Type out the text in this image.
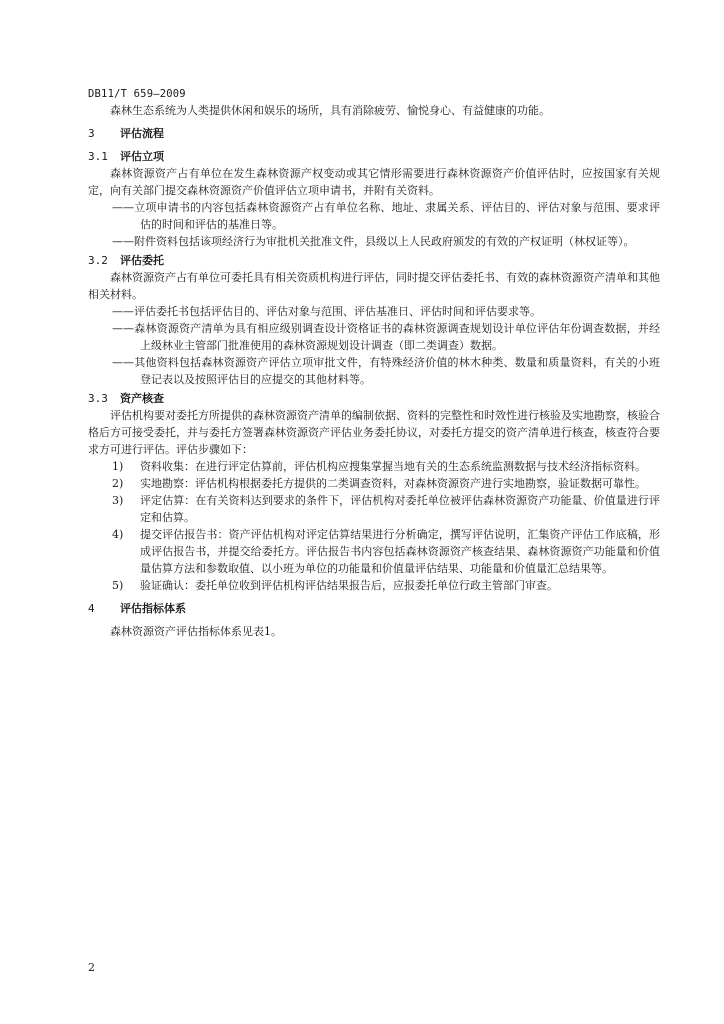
DB11/T 659—2009

森林生态系统为人类提供休闲和娱乐的场所，具有消除疲劳、愉悦身心、有益健康的功能。

3 评估流程

3.1 评估立项

森林资源资产占有单位在发生森林资源产权变动或其它情形需要进行森林资源资产价值评估时，应按国家有关规定，向有关部门提交森林资源资产价值评估立项申请书，并附有关资料。

——立项申请书的内容包括森林资源资产占有单位名称、地址、隶属关系、评估目的、评估对象与范围、要求评估的时间和评估的基准日等。

——附件资料包括该项经济行为审批机关批准文件，县级以上人民政府颁发的有效的产权证明（林权证等）。

3.2 评估委托

森林资源资产占有单位可委托具有相关资质机构进行评估，同时提交评估委托书、有效的森林资源资产清单和其他相关材料。

——评估委托书包括评估目的、评估对象与范围、评估基准日、评估时间和评估要求等。

——森林资源资产清单为具有相应级别调查设计资格证书的森林资源调查规划设计单位评估年份调查数据，并经上级林业主管部门批准使用的森林资源规划设计调查（即二类调查）数据。

——其他资料包括森林资源资产评估立项审批文件，有特殊经济价值的林木种类、数量和质量资料，有关的小班登记表以及按照评估目的应提交的其他材料等。

3.3 资产核查

评估机构要对委托方所提供的森林资源资产清单的编制依据、资料的完整性和时效性进行核验及实地勘察，核验合格后方可接受委托，并与委托方签署森林资源资产评估业务委托协议，对委托方提交的资产清单进行核查，核查符合要求方可进行评估。评估步骤如下：

1)	资料收集：在进行评定估算前，评估机构应搜集掌握当地有关的生态系统监测数据与技术经济指标资料。
2)	实地勘察：评估机构根据委托方提供的二类调查资料，对森林资源资产进行实地勘察，验证数据可靠性。
3)	评定估算：在有关资料达到要求的条件下，评估机构对委托单位被评估森林资源资产功能量、价值量进行评定和估算。
4)	提交评估报告书：资产评估机构对评定估算结果进行分析确定，撰写评估说明，汇集资产评估工作底稿，形成评估报告书，并提交给委托方。评估报告书内容包括森林资源资产核查结果、森林资源资产功能量和价值量估算方法和参数取值、以小班为单位的功能量和价值量评估结果、功能量和价值量汇总结果等。
5)	验证确认：委托单位收到评估机构评估结果报告后，应报委托单位行政主管部门审查。

4 评估指标体系

森林资源资产评估指标体系见表1。

2
